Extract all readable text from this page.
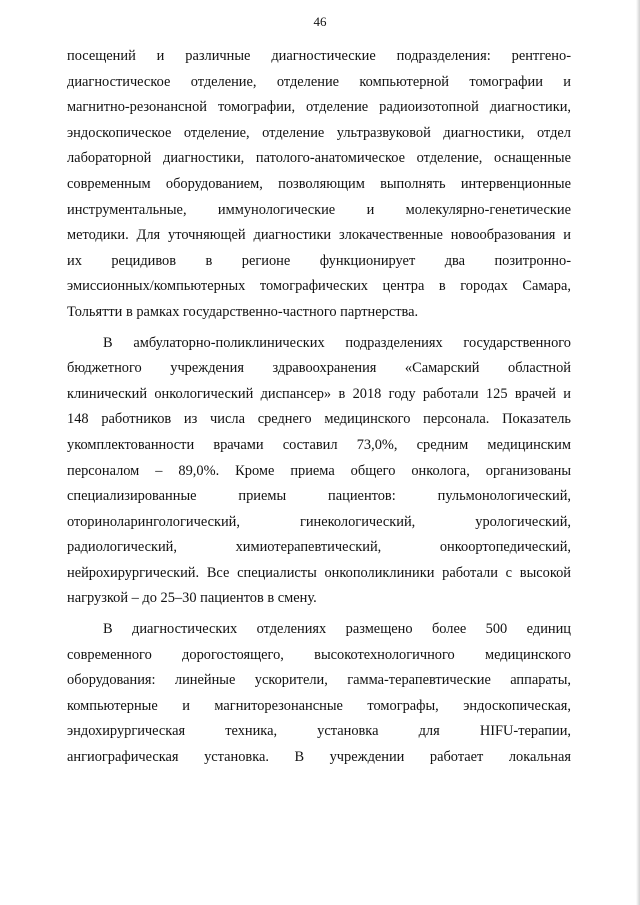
46
посещений и различные диагностические подразделения: рентгено-
диагностическое отделение, отделение компьютерной томографии и
магнитно-резонансной томографии, отделение радиоизотопной диагностики,
эндоскопическое отделение, отделение ультразвуковой диагностики, отдел
лабораторной диагностики, патолого-анатомическое отделение, оснащенные
современным оборудованием, позволяющим выполнять интервенционные
инструментальные, иммунологические и молекулярно-генетические
методики. Для уточняющей диагностики злокачественные новообразования и
их рецидивов в регионе функционирует два позитронно-
эмиссионных/компьютерных томографических центра в городах Самара,
Тольятти в рамках государственно-частного партнерства.
В амбулаторно-поликлинических подразделениях государственного
бюджетного учреждения здравоохранения «Самарский областной
клинический онкологический диспансер» в 2018 году работали 125 врачей и
148 работников из числа среднего медицинского персонала. Показатель
укомплектованности врачами составил 73,0%, средним медицинским
персоналом – 89,0%. Кроме приема общего онколога, организованы
специализированные приемы пациентов: пульмонологический,
оториноларингологический, гинекологический, урологический,
радиологический, химиотерапевтический, онкоортопедический,
нейрохирургический. Все специалисты онкополиклиники работали с высокой
нагрузкой – до 25–30 пациентов в смену.
В диагностических отделениях размещено более 500 единиц
современного дорогостоящего, высокотехнологичного медицинского
оборудования: линейные ускорители, гамма-терапевтические аппараты,
компьютерные и магниторезонансные томографы, эндоскопическая,
эндохирургическая техника, установка для HIFU-терапии,
ангиографическая установка. В учреждении работает локальная
